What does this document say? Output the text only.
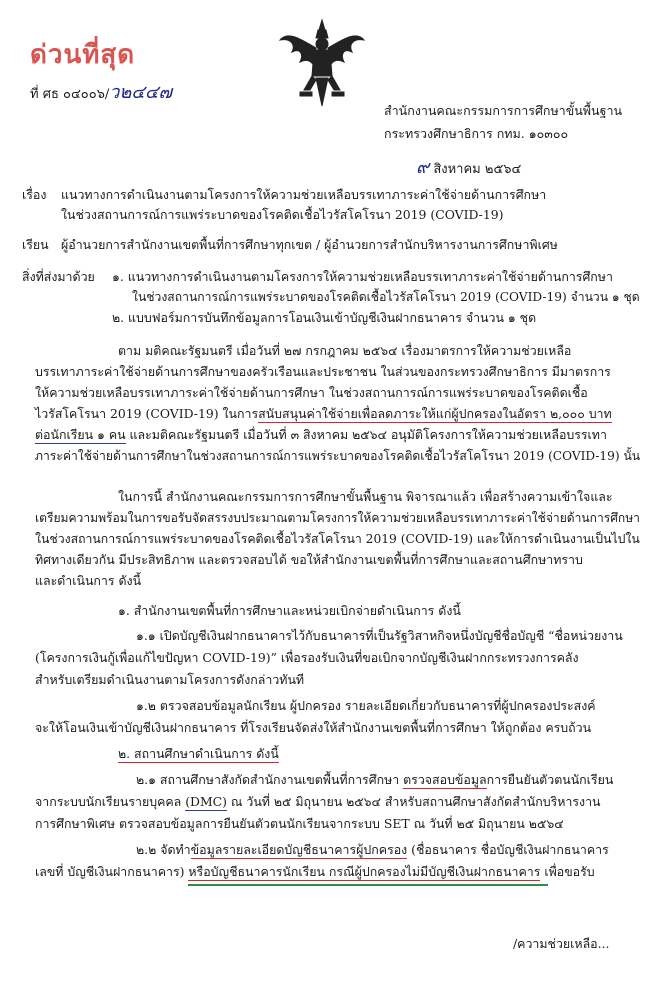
ด่วนที่สุด
ที่ ศธ ๐๔๐๐๖/ว๒๔๔๗
สำนักงานคณะกรรมการการศึกษาขั้นพื้นฐาน
กระทรวงศึกษาธิการ กทม. ๑๐๓๐๐
๙ สิงหาคม ๒๕๖๔
เรื่อง แนวทางการดำเนินงานตามโครงการให้ความช่วยเหลือบรรเทาภาระค่าใช้จ่ายด้านการศึกษา
ในช่วงสถานการณ์การแพร่ระบาดของโรคติดเชื้อไวรัสโคโรนา 2019 (COVID-19)
เรียน ผู้อำนวยการสำนักงานเขตพื้นที่การศึกษาทุกเขต / ผู้อำนวยการสำนักบริหารงานการศึกษาพิเศษ
สิ่งที่ส่งมาด้วย ๑. แนวทางการดำเนินงานตามโครงการให้ความช่วยเหลือบรรเทาภาระค่าใช้จ่ายด้านการศึกษา
ในช่วงสถานการณ์การแพร่ระบาดของโรคติดเชื้อไวรัสโคโรนา 2019 (COVID-19) จำนวน ๑ ชุด
๒. แบบฟอร์มการบันทึกข้อมูลการโอนเงินเข้าบัญชีเงินฝากธนาคาร จำนวน ๑ ชุด
ตาม มติคณะรัฐมนตรี เมื่อวันที่ ๒๗ กรกฎาคม ๒๕๖๔ เรื่องมาตรการให้ความช่วยเหลือ
บรรเทาภาระค่าใช้จ่ายด้านการศึกษาของครัวเรือนและประชาชน ในส่วนของกระทรวงศึกษาธิการ มีมาตรการ
ให้ความช่วยเหลือบรรเทาภาระค่าใช้จ่ายด้านการศึกษา ในช่วงสถานการณ์การแพร่ระบาดของโรคติดเชื้อ
ไวรัสโคโรนา 2019 (COVID-19) ในการสนับสนุนค่าใช้จ่ายเพื่อลดภาระให้แก่ผู้ปกครองในอัตรา ๒,๐๐๐ บาท
ต่อนักเรียน ๑ คน และมติคณะรัฐมนตรี เมื่อวันที่ ๓ สิงหาคม ๒๕๖๔ อนุมัติโครงการให้ความช่วยเหลือบรรเทา
ภาระค่าใช้จ่ายด้านการศึกษาในช่วงสถานการณ์การแพร่ระบาดของโรคติดเชื้อไวรัสโคโรนา 2019 (COVID-19) นั้น
ในการนี้ สำนักงานคณะกรรมการการศึกษาขั้นพื้นฐาน พิจารณาแล้ว เพื่อสร้างความเข้าใจและ
เตรียมความพร้อมในการขอรับจัดสรรงบประมาณตามโครงการให้ความช่วยเหลือบรรเทาภาระค่าใช้จ่ายด้านการศึกษา
ในช่วงสถานการณ์การแพร่ระบาดของโรคติดเชื้อไวรัสโคโรนา 2019 (COVID-19) และให้การดำเนินงานเป็นไปใน
ทิศทางเดียวกัน มีประสิทธิภาพ และตรวจสอบได้ ขอให้สำนักงานเขตพื้นที่การศึกษาและสถานศึกษาทราบ
และดำเนินการ ดังนี้
๑. สำนักงานเขตพื้นที่การศึกษาและหน่วยเบิกจ่ายดำเนินการ ดังนี้
๑.๑ เปิดบัญชีเงินฝากธนาคารไว้กับธนาคารที่เป็นรัฐวิสาหกิจหนึ่งบัญชีชื่อบัญชี “ชื่อหน่วยงาน
(โครงการเงินกู้เพื่อแก้ไขปัญหา COVID-19)” เพื่อรองรับเงินที่ขอเบิกจากบัญชีเงินฝากกระทรวงการคลัง
สำหรับเตรียมดำเนินงานตามโครงการดังกล่าวทันที
๑.๒ ตรวจสอบข้อมูลนักเรียน ผู้ปกครอง รายละเอียดเกี่ยวกับธนาคารที่ผู้ปกครองประสงค์
จะให้โอนเงินเข้าบัญชีเงินฝากธนาคาร ที่โรงเรียนจัดส่งให้สำนักงานเขตพื้นที่การศึกษา ให้ถูกต้อง ครบถ้วน
๒. สถานศึกษาดำเนินการ ดังนี้
๒.๑ สถานศึกษาสังกัดสำนักงานเขตพื้นที่การศึกษา ตรวจสอบข้อมูลการยืนยันตัวตนนักเรียน
จากระบบนักเรียนรายบุคคล (DMC) ณ วันที่ ๒๕ มิถุนายน ๒๕๖๔ สำหรับสถานศึกษาสังกัดสำนักบริหารงาน
การศึกษาพิเศษ ตรวจสอบข้อมูลการยืนยันตัวตนนักเรียนจากระบบ SET ณ วันที่ ๒๕ มิถุนายน ๒๕๖๔
๒.๒ จัดทำข้อมูลรายละเอียดบัญชีธนาคารผู้ปกครอง (ชื่อธนาคาร ชื่อบัญชีเงินฝากธนาคาร
เลขที่ บัญชีเงินฝากธนาคาร) หรือบัญชีธนาคารนักเรียน กรณีผู้ปกครองไม่มีบัญชีเงินฝากธนาคาร เพื่อขอรับ
/ความช่วยเหลือ...
